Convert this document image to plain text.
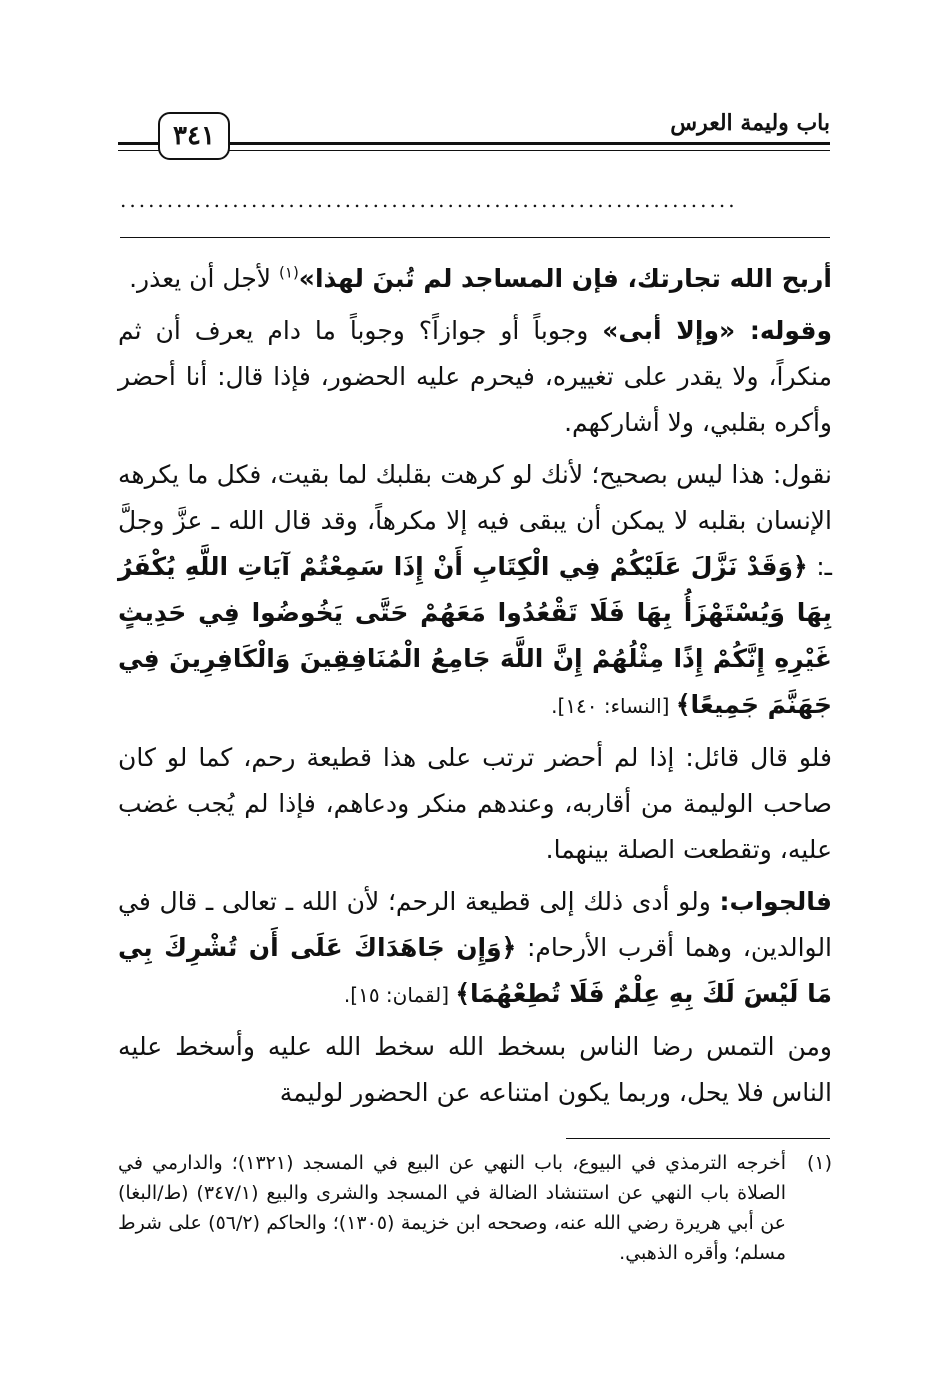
٣٤١	باب وليمة العرس
..................................................................

أربح الله تجارتك، فإن المساجد لم تُبنَ لهذا»$^{(١)}$ لأجل أن يعذر.

وقوله: «وإلا أبى» وجوباً أو جوازاً؟ وجوباً ما دام يعرف أن ثم منكراً، ولا يقدر على تغييره، فيحرم عليه الحضور، فإذا قال: أنا أحضر وأكره بقلبي، ولا أشاركهم.

نقول: هذا ليس بصحيح؛ لأنك لو كرهت بقلبك لما بقيت، فكل ما يكرهه الإنسان بقلبه لا يمكن أن يبقى فيه إلا مكرهاً، وقد قال الله ـ عزَّ وجلَّ ـ: ﴿وَقَدْ نَزَّلَ عَلَيْكُمْ فِي الْكِتَابِ أَنْ إِذَا سَمِعْتُمْ آيَاتِ اللَّهِ يُكْفَرُ بِهَا وَيُسْتَهْزَأُ بِهَا فَلَا تَقْعُدُوا مَعَهُمْ حَتَّى يَخُوضُوا فِي حَدِيثٍ غَيْرِهِ إِنَّكُمْ إِذًا مِثْلُهُمْ إِنَّ اللَّهَ جَامِعُ الْمُنَافِقِينَ وَالْكَافِرِينَ فِي جَهَنَّمَ جَمِيعًا﴾ [النساء: ١٤٠].

فلو قال قائل: إذا لم أحضر ترتب على هذا قطيعة رحم، كما لو كان صاحب الوليمة من أقاربه، وعندهم منكر ودعاهم، فإذا لم يُجب غضب عليه، وتقطعت الصلة بينهما.

فالجواب: ولو أدى ذلك إلى قطيعة الرحم؛ لأن الله ـ تعالى ـ قال في الوالدين، وهما أقرب الأرحام: ﴿وَإِن جَاهَدَاكَ عَلَى أَن تُشْرِكَ بِي مَا لَيْسَ لَكَ بِهِ عِلْمٌ فَلَا تُطِعْهُمَا﴾ [لقمان: ١٥].

ومن التمس رضا الناس بسخط الله سخط الله عليه وأسخط عليه الناس فلا يحل، وربما يكون امتناعه عن الحضور لوليمة

(١)
أخرجه الترمذي في البيوع، باب النهي عن البيع في المسجد (١٣٢١)؛ والدارمي في الصلاة باب النهي عن استنشاد الضالة في المسجد والشرى والبيع (٣٤٧/١) (ط/البغا) عن أبي هريرة رضي الله عنه، وصححه ابن خزيمة (١٣٠٥)؛ والحاكم (٥٦/٢) على شرط مسلم؛ وأقره الذهبي.
